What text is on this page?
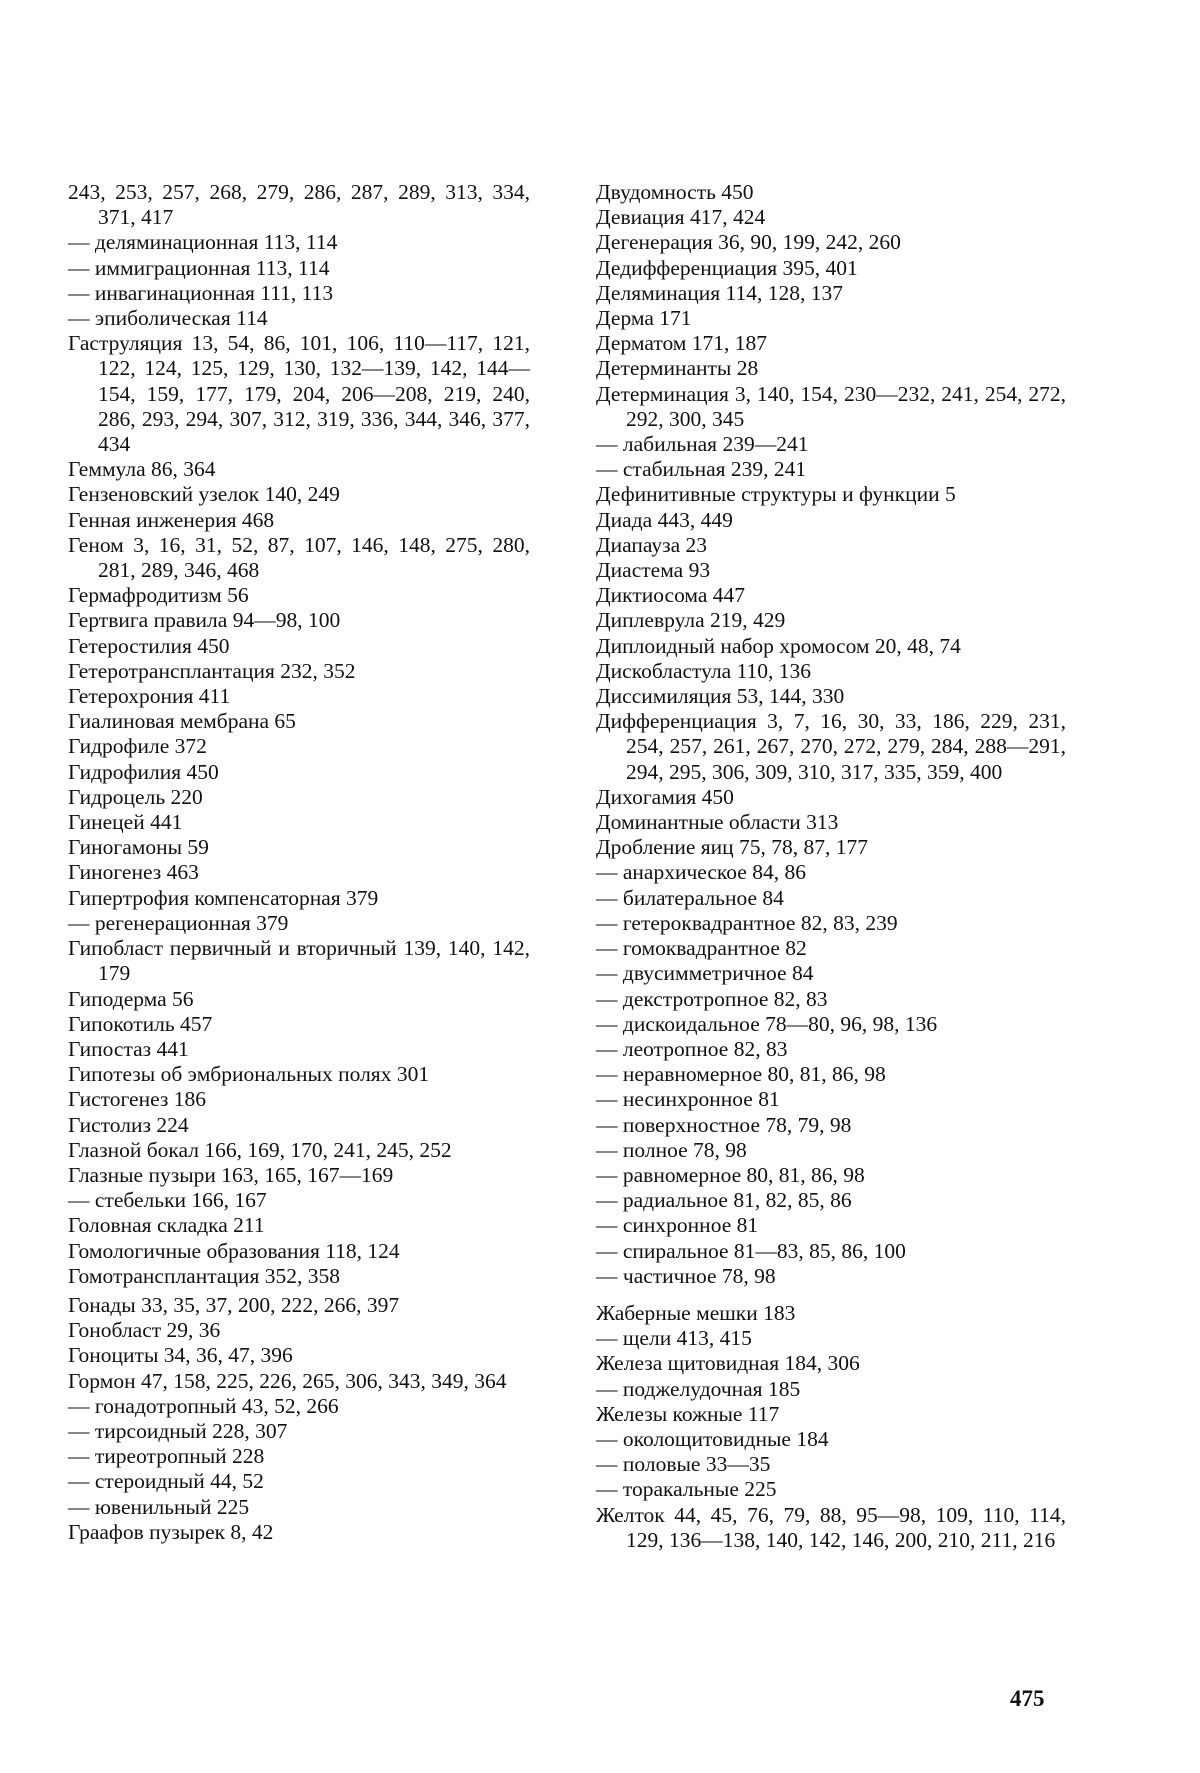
243, 253, 257, 268, 279, 286, 287, 289, 313, 334, 371, 417

— деляминационная 113, 114

— иммиграционная 113, 114

— инвагинационная 111, 113

— эпиболическая 114

Гаструляция 13, 54, 86, 101, 106, 110—117, 121, 122, 124, 125, 129, 130, 132—139, 142, 144—154, 159, 177, 179, 204, 206—208, 219, 240, 286, 293, 294, 307, 312, 319, 336, 344, 346, 377, 434

Геммула 86, 364

Гензеновский узелок 140, 249

Генная инженерия 468

Геном 3, 16, 31, 52, 87, 107, 146, 148, 275, 280, 281, 289, 346, 468

Гермафродитизм 56

Гертвига правила 94—98, 100

Гетеростилия 450

Гетеротрансплантация 232, 352

Гетерохрония 411

Гиалиновая мембрана 65

Гидрофиле 372

Гидрофилия 450

Гидроцель 220

Гинецей 441

Гиногамоны 59

Гиногенез 463

Гипертрофия компенсаторная 379

— регенерационная 379

Гипобласт первичный и вторичный 139, 140, 142, 179

Гиподерма 56

Гипокотиль 457

Гипостаз 441

Гипотезы об эмбриональных полях 301

Гистогенез 186

Гистолиз 224

Глазной бокал 166, 169, 170, 241, 245, 252

Глазные пузыри 163, 165, 167—169

— стебельки 166, 167

Головная складка 211

Гомологичные образования 118, 124

Гомотрансплантация 352, 358

Гонады 33, 35, 37, 200, 222, 266, 397

Гонобласт 29, 36

Гоноциты 34, 36, 47, 396

Гормон 47, 158, 225, 226, 265, 306, 343, 349, 364

— гонадотропный 43, 52, 266

— тирсоидный 228, 307

— тиреотропный 228

— стероидный 44, 52

— ювенильный 225

Граафов пузырек 8, 42

Двудомность 450

Девиация 417, 424

Дегенерация 36, 90, 199, 242, 260

Дедифференциация 395, 401

Деляминация 114, 128, 137

Дерма 171

Дерматом 171, 187

Детерминанты 28

Детерминация 3, 140, 154, 230—232, 241, 254, 272, 292, 300, 345

— лабильная 239—241

— стабильная 239, 241

Дефинитивные структуры и функции 5

Диада 443, 449

Диапауза 23

Диастема 93

Диктиосома 447

Диплеврула 219, 429

Диплоидный набор хромосом 20, 48, 74

Дискобластула 110, 136

Диссимиляция 53, 144, 330

Дифференциация 3, 7, 16, 30, 33, 186, 229, 231, 254, 257, 261, 267, 270, 272, 279, 284, 288—291, 294, 295, 306, 309, 310, 317, 335, 359, 400

Дихогамия 450

Доминантные области 313

Дробление яиц 75, 78, 87, 177

— анархическое 84, 86

— билатеральное 84

— гетероквадрантное 82, 83, 239

— гомоквадрантное 82

— двусимметричное 84

— декстротропное 82, 83

— дискоидальное 78—80, 96, 98, 136

— леотропное 82, 83

— неравномерное 80, 81, 86, 98

— несинхронное 81

— поверхностное 78, 79, 98

— полное 78, 98

— равномерное 80, 81, 86, 98

— радиальное 81, 82, 85, 86

— синхронное 81

— спиральное 81—83, 85, 86, 100

— частичное 78, 98

Жаберные мешки 183

— щели 413, 415

Железа щитовидная 184, 306

— поджелудочная 185

Железы кожные 117

— околощитовидные 184

— половые 33—35

— торакальные 225

Желток 44, 45, 76, 79, 88, 95—98, 109, 110, 114, 129, 136—138, 140, 142, 146, 200, 210, 211, 216

475
